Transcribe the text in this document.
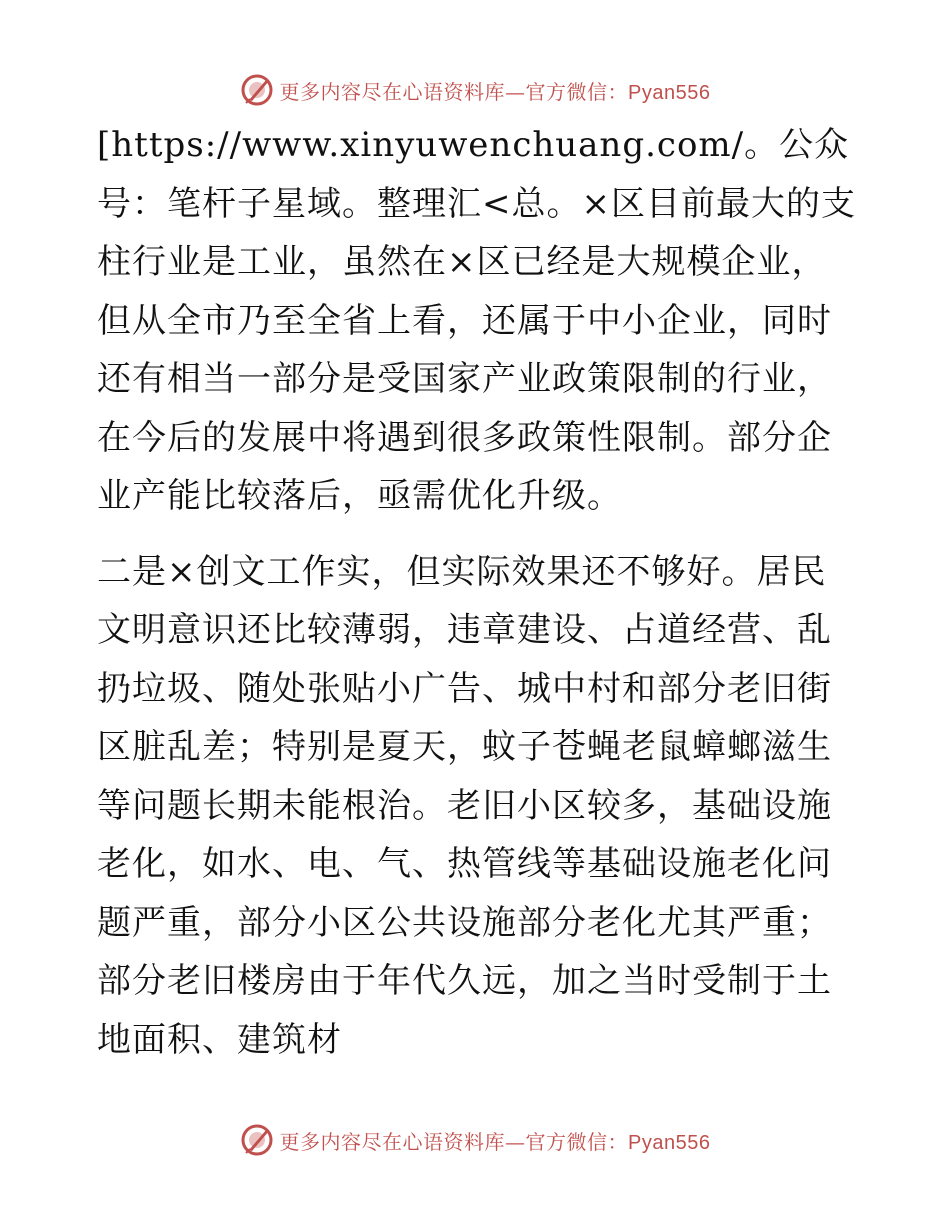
更多内容尽在心语资料库—官方微信：Pyan556

[https://www.xinyuwenchuang.com/。公众号：笔杆子星域。整理汇<总。×区目前最大的支柱行业是工业，虽然在×区已经是大规模企业，但从全市乃至全省上看，还属于中小企业，同时还有相当一部分是受国家产业政策限制的行业，在今后的发展中将遇到很多政策性限制。部分企业产能比较落后，亟需优化升级。

二是×创文工作实，但实际效果还不够好。居民文明意识还比较薄弱，违章建设、占道经营、乱扔垃圾、随处张贴小广告、城中村和部分老旧街区脏乱差；特别是夏天，蚊子苍蝇老鼠蟑螂滋生等问题长期未能根治。老旧小区较多，基础设施老化，如水、电、气、热管线等基础设施老化问题严重，部分小区公共设施部分老化尤其严重；部分老旧楼房由于年代久远，加之当时受制于土地面积、建筑材

更多内容尽在心语资料库—官方微信：Pyan556
